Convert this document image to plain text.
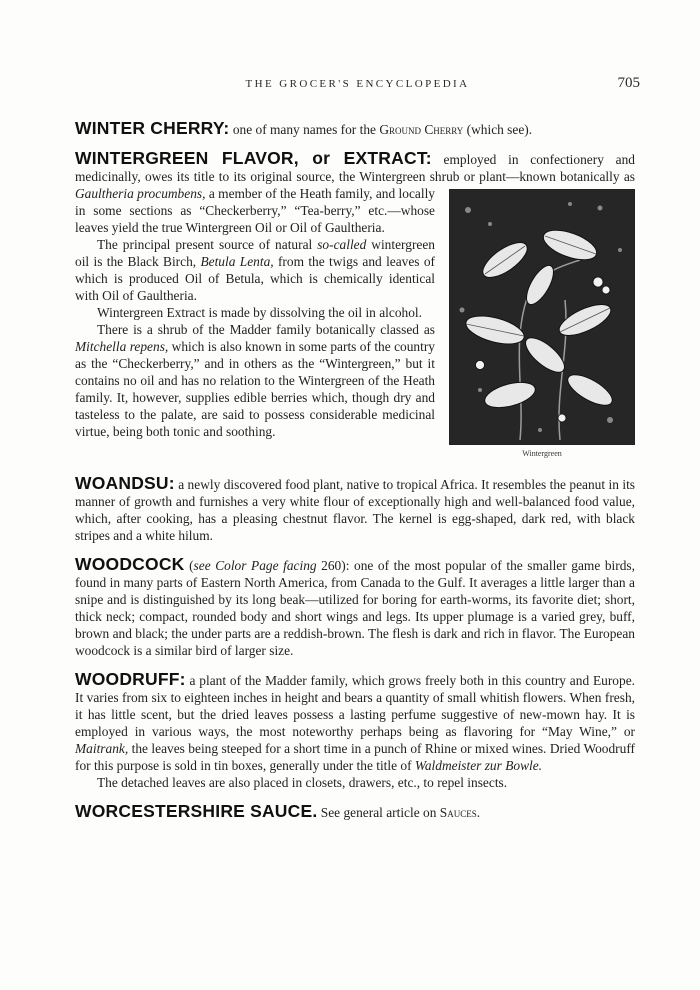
THE GROCER'S ENCYCLOPEDIA	705

WINTER CHERRY: one of many names for the Ground Cherry (which see).

WINTERGREEN FLAVOR, or EXTRACT: employed in confectionery and medicinally, owes its title to its original source, the Wintergreen shrub or plant—known botanically as
Wintergreen
Gaultheria procumbens, a member of the Heath family, and locally in some sections as “Checkerberry,” “Tea-berry,” etc.—whose leaves yield the true Wintergreen Oil or Oil of Gaultheria.

The principal present source of natural so-called wintergreen oil is the Black Birch, Betula Lenta, from the twigs and leaves of which is produced Oil of Betula, which is chemically identical with Oil of Gaultheria.

Wintergreen Extract is made by dissolving the oil in alcohol.

There is a shrub of the Madder family botanically classed as Mitchella repens, which is also known in some parts of the country as the “Checkerberry,” and in others as the “Wintergreen,” but it contains no oil and has no relation to the Wintergreen of the Heath family. It, however, supplies edible berries which, though dry and tasteless to the palate, are said to possess considerable medicinal virtue, being both tonic and soothing.

WOANDSU: a newly discovered food plant, native to tropical Africa. It resembles the peanut in its manner of growth and furnishes a very white flour of exceptionally high and well-balanced food value, which, after cooking, has a pleasing chestnut flavor. The kernel is egg-shaped, dark red, with black stripes and a white hilum.

WOODCOCK (see Color Page facing 260): one of the most popular of the smaller game birds, found in many parts of Eastern North America, from Canada to the Gulf. It averages a little larger than a snipe and is distinguished by its long beak—utilized for boring for earth-worms, its favorite diet; short, thick neck; compact, rounded body and short wings and legs. Its upper plumage is a varied grey, buff, brown and black; the under parts are a reddish-brown. The flesh is dark and rich in flavor. The European woodcock is a similar bird of larger size.

WOODRUFF: a plant of the Madder family, which grows freely both in this country and Europe. It varies from six to eighteen inches in height and bears a quantity of small whitish flowers. When fresh, it has little scent, but the dried leaves possess a lasting perfume suggestive of new-mown hay. It is employed in various ways, the most noteworthy perhaps being as flavoring for “May Wine,” or Maitrank, the leaves being steeped for a short time in a punch of Rhine or mixed wines. Dried Woodruff for this purpose is sold in tin boxes, generally under the title of Waldmeister zur Bowle.

The detached leaves are also placed in closets, drawers, etc., to repel insects.

WORCESTERSHIRE SAUCE. See general article on Sauces.
